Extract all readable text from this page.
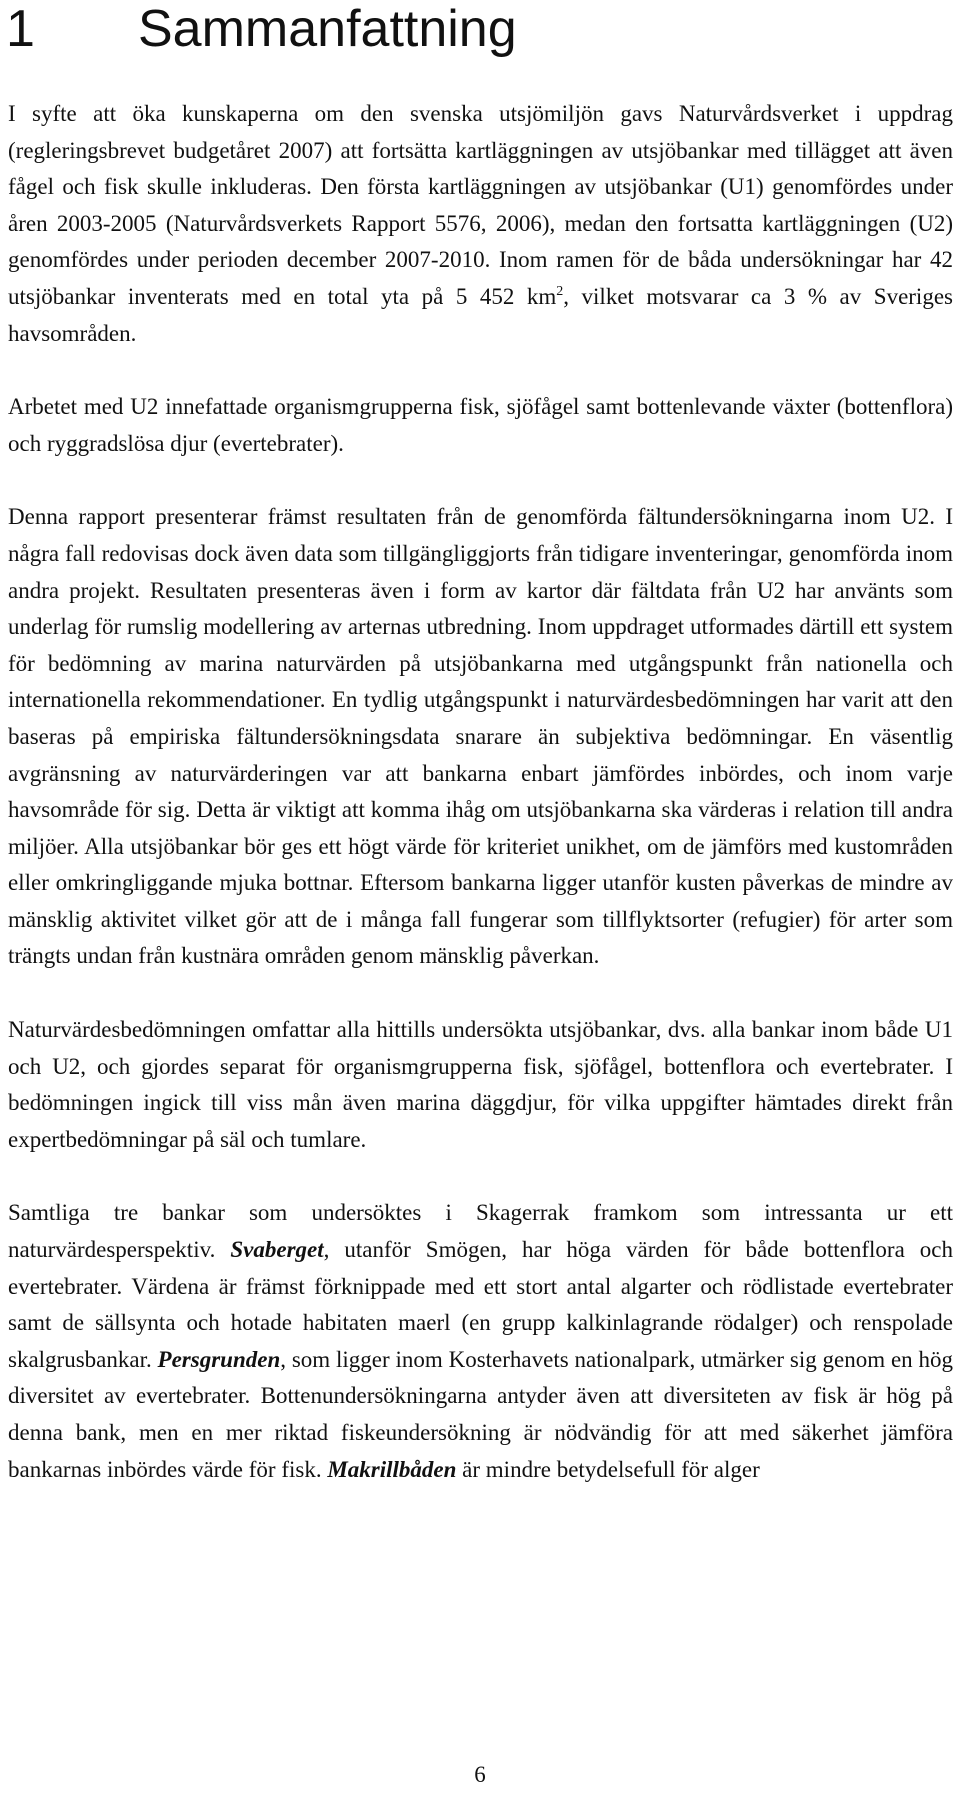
1 Sammanfattning

I syfte att öka kunskaperna om den svenska utsjömiljön gavs Naturvårdsverket i uppdrag (regleringsbrevet budgetåret 2007) att fortsätta kartläggningen av utsjöbankar med tillägget att även fågel och fisk skulle inkluderas. Den första kartläggningen av utsjöbankar (U1) genomfördes under åren 2003-2005 (Naturvårdsverkets Rapport 5576, 2006), medan den fortsatta kartläggningen (U2) genomfördes under perioden december 2007-2010. Inom ramen för de båda undersökningar har 42 utsjöbankar inventerats med en total yta på 5 452 $km^2$, vilket motsvarar ca 3 % av Sveriges havsområden.

Arbetet med U2 innefattade organismgrupperna fisk, sjöfågel samt bottenlevande växter (bottenflora) och ryggradslösa djur (evertebrater).

Denna rapport presenterar främst resultaten från de genomförda fältundersökningarna inom U2. I några fall redovisas dock även data som tillgängliggjorts från tidigare inventeringar, genomförda inom andra projekt. Resultaten presenteras även i form av kartor där fältdata från U2 har använts som underlag för rumslig modellering av arternas utbredning. Inom uppdraget utformades därtill ett system för bedömning av marina naturvärden på utsjöbankarna med utgångspunkt från nationella och internationella rekommendationer. En tydlig utgångspunkt i naturvärdesbedömningen har varit att den baseras på empiriska fältundersökningsdata snarare än subjektiva bedömningar. En väsentlig avgränsning av naturvärderingen var att bankarna enbart jämfördes inbördes, och inom varje havsområde för sig. Detta är viktigt att komma ihåg om utsjöbankarna ska värderas i relation till andra miljöer. Alla utsjöbankar bör ges ett högt värde för kriteriet unikhet, om de jämförs med kustområden eller omkringliggande mjuka bottnar. Eftersom bankarna ligger utanför kusten påverkas de mindre av mänsklig aktivitet vilket gör att de i många fall fungerar som tillflyktsorter (refugier) för arter som trängts undan från kustnära områden genom mänsklig påverkan.

Naturvärdesbedömningen omfattar alla hittills undersökta utsjöbankar, dvs. alla bankar inom både U1 och U2, och gjordes separat för organismgrupperna fisk, sjöfågel, bottenflora och evertebrater. I bedömningen ingick till viss mån även marina däggdjur, för vilka uppgifter hämtades direkt från expertbedömningar på säl och tumlare.

Samtliga tre bankar som undersöktes i Skagerrak framkom som intressanta ur ett naturvärdesperspektiv. Svaberget, utanför Smögen, har höga värden för både bottenflora och evertebrater. Värdena är främst förknippade med ett stort antal algarter och rödlistade evertebrater samt de sällsynta och hotade habitaten maerl (en grupp kalkinlagrande rödalger) och renspolade skalgrusbankar. Persgrunden, som ligger inom Kosterhavets nationalpark, utmärker sig genom en hög diversitet av evertebrater. Bottenundersökningarna antyder även att diversiteten av fisk är hög på denna bank, men en mer riktad fiskeundersökning är nödvändig för att med säkerhet jämföra bankarnas inbördes värde för fisk. Makrillbåden är mindre betydelsefull för alger

6
